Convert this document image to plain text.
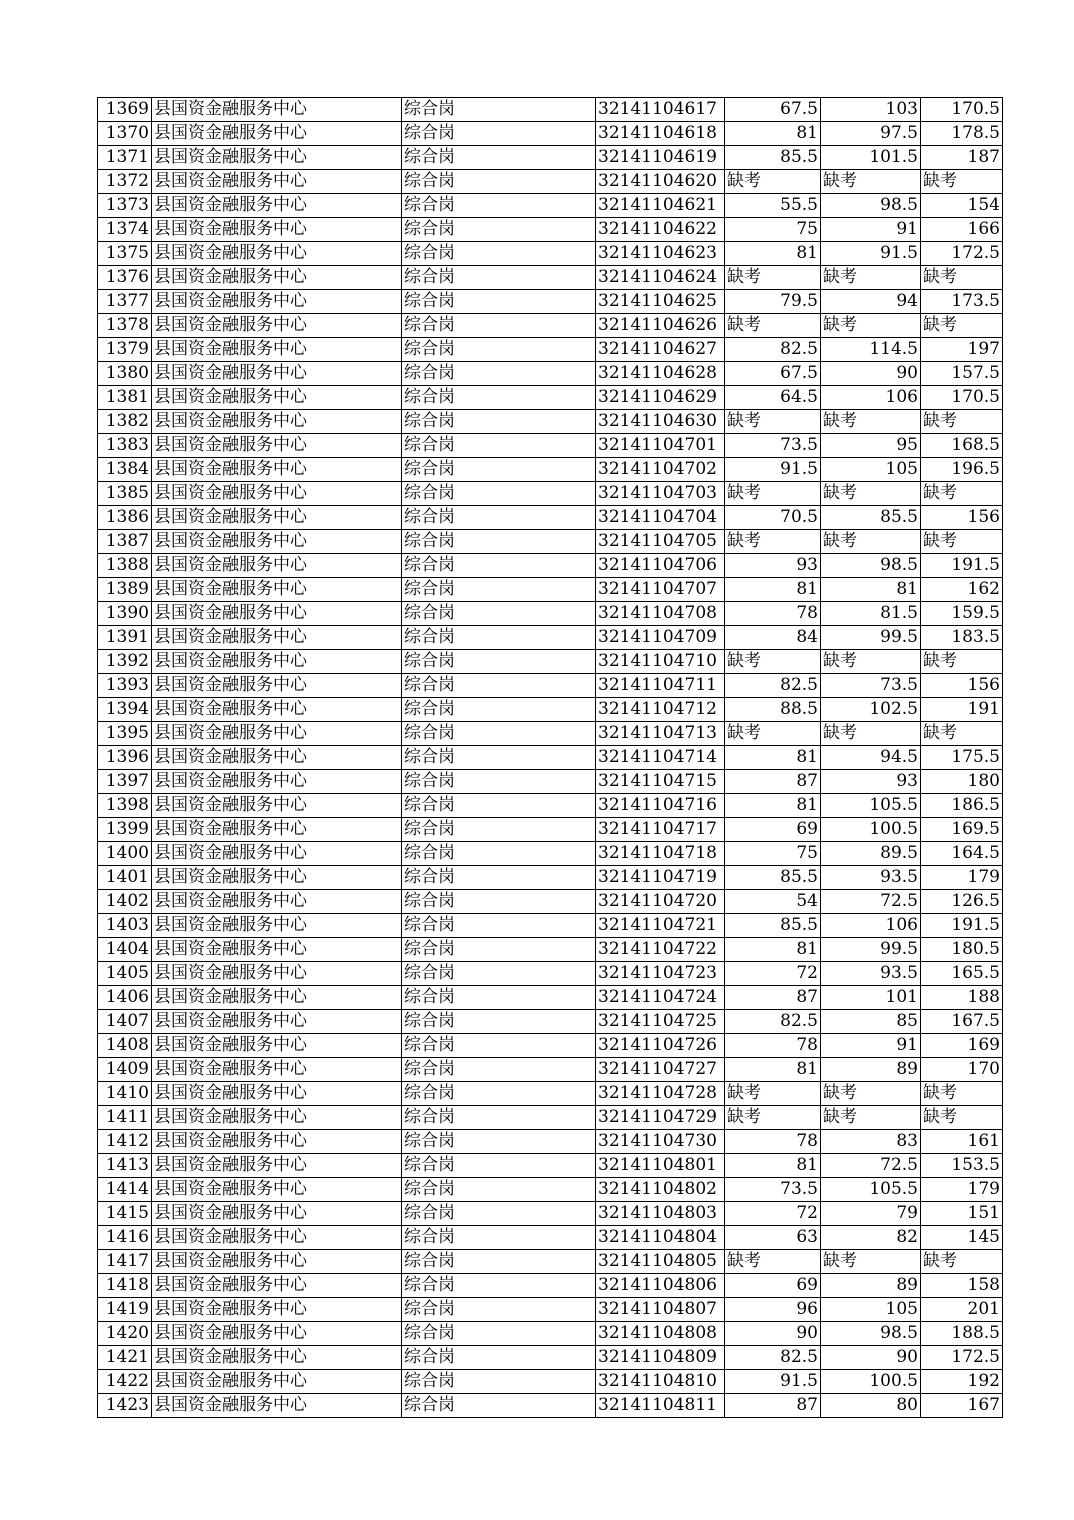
1369	县国资金融服务中心	综合岗	32141104617	67.5	103	170.5
1370	县国资金融服务中心	综合岗	32141104618	81	97.5	178.5
1371	县国资金融服务中心	综合岗	32141104619	85.5	101.5	187
1372	县国资金融服务中心	综合岗	32141104620	缺考	缺考	缺考
1373	县国资金融服务中心	综合岗	32141104621	55.5	98.5	154
1374	县国资金融服务中心	综合岗	32141104622	75	91	166
1375	县国资金融服务中心	综合岗	32141104623	81	91.5	172.5
1376	县国资金融服务中心	综合岗	32141104624	缺考	缺考	缺考
1377	县国资金融服务中心	综合岗	32141104625	79.5	94	173.5
1378	县国资金融服务中心	综合岗	32141104626	缺考	缺考	缺考
1379	县国资金融服务中心	综合岗	32141104627	82.5	114.5	197
1380	县国资金融服务中心	综合岗	32141104628	67.5	90	157.5
1381	县国资金融服务中心	综合岗	32141104629	64.5	106	170.5
1382	县国资金融服务中心	综合岗	32141104630	缺考	缺考	缺考
1383	县国资金融服务中心	综合岗	32141104701	73.5	95	168.5
1384	县国资金融服务中心	综合岗	32141104702	91.5	105	196.5
1385	县国资金融服务中心	综合岗	32141104703	缺考	缺考	缺考
1386	县国资金融服务中心	综合岗	32141104704	70.5	85.5	156
1387	县国资金融服务中心	综合岗	32141104705	缺考	缺考	缺考
1388	县国资金融服务中心	综合岗	32141104706	93	98.5	191.5
1389	县国资金融服务中心	综合岗	32141104707	81	81	162
1390	县国资金融服务中心	综合岗	32141104708	78	81.5	159.5
1391	县国资金融服务中心	综合岗	32141104709	84	99.5	183.5
1392	县国资金融服务中心	综合岗	32141104710	缺考	缺考	缺考
1393	县国资金融服务中心	综合岗	32141104711	82.5	73.5	156
1394	县国资金融服务中心	综合岗	32141104712	88.5	102.5	191
1395	县国资金融服务中心	综合岗	32141104713	缺考	缺考	缺考
1396	县国资金融服务中心	综合岗	32141104714	81	94.5	175.5
1397	县国资金融服务中心	综合岗	32141104715	87	93	180
1398	县国资金融服务中心	综合岗	32141104716	81	105.5	186.5
1399	县国资金融服务中心	综合岗	32141104717	69	100.5	169.5
1400	县国资金融服务中心	综合岗	32141104718	75	89.5	164.5
1401	县国资金融服务中心	综合岗	32141104719	85.5	93.5	179
1402	县国资金融服务中心	综合岗	32141104720	54	72.5	126.5
1403	县国资金融服务中心	综合岗	32141104721	85.5	106	191.5
1404	县国资金融服务中心	综合岗	32141104722	81	99.5	180.5
1405	县国资金融服务中心	综合岗	32141104723	72	93.5	165.5
1406	县国资金融服务中心	综合岗	32141104724	87	101	188
1407	县国资金融服务中心	综合岗	32141104725	82.5	85	167.5
1408	县国资金融服务中心	综合岗	32141104726	78	91	169
1409	县国资金融服务中心	综合岗	32141104727	81	89	170
1410	县国资金融服务中心	综合岗	32141104728	缺考	缺考	缺考
1411	县国资金融服务中心	综合岗	32141104729	缺考	缺考	缺考
1412	县国资金融服务中心	综合岗	32141104730	78	83	161
1413	县国资金融服务中心	综合岗	32141104801	81	72.5	153.5
1414	县国资金融服务中心	综合岗	32141104802	73.5	105.5	179
1415	县国资金融服务中心	综合岗	32141104803	72	79	151
1416	县国资金融服务中心	综合岗	32141104804	63	82	145
1417	县国资金融服务中心	综合岗	32141104805	缺考	缺考	缺考
1418	县国资金融服务中心	综合岗	32141104806	69	89	158
1419	县国资金融服务中心	综合岗	32141104807	96	105	201
1420	县国资金融服务中心	综合岗	32141104808	90	98.5	188.5
1421	县国资金融服务中心	综合岗	32141104809	82.5	90	172.5
1422	县国资金融服务中心	综合岗	32141104810	91.5	100.5	192
1423	县国资金融服务中心	综合岗	32141104811	87	80	167
